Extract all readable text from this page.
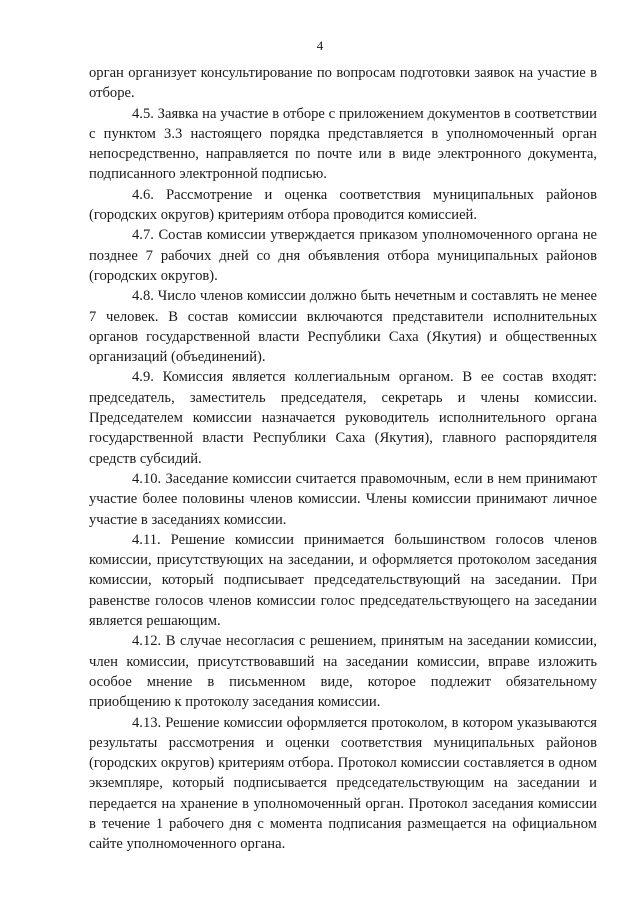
4

орган организует консультирование по вопросам подготовки заявок на участие в отборе.

4.5. Заявка на участие в отборе с приложением документов в соответствии с пунктом 3.3 настоящего порядка представляется в уполномоченный орган непосредственно, направляется по почте или в виде электронного документа, подписанного электронной подписью.

4.6. Рассмотрение и оценка соответствия муниципальных районов (городских округов) критериям отбора проводится комиссией.

4.7. Состав комиссии утверждается приказом уполномоченного органа не позднее 7 рабочих дней со дня объявления отбора муниципальных районов (городских округов).

4.8. Число членов комиссии должно быть нечетным и составлять не менее 7 человек. В состав комиссии включаются представители исполнительных органов государственной власти Республики Саха (Якутия) и общественных организаций (объединений).

4.9. Комиссия является коллегиальным органом. В ее состав входят: председатель, заместитель председателя, секретарь и члены комиссии. Председателем комиссии назначается руководитель исполнительного органа государственной власти Республики Саха (Якутия), главного распорядителя средств субсидий.

4.10. Заседание комиссии считается правомочным, если в нем принимают участие более половины членов комиссии. Члены комиссии принимают личное участие в заседаниях комиссии.

4.11. Решение комиссии принимается большинством голосов членов комиссии, присутствующих на заседании, и оформляется протоколом заседания комиссии, который подписывает председательствующий на заседании. При равенстве голосов членов комиссии голос председательствующего на заседании является решающим.

4.12. В случае несогласия с решением, принятым на заседании комиссии, член комиссии, присутствовавший на заседании комиссии, вправе изложить особое мнение в письменном виде, которое подлежит обязательному приобщению к протоколу заседания комиссии.

4.13. Решение комиссии оформляется протоколом, в котором указываются результаты рассмотрения и оценки соответствия муниципальных районов (городских округов) критериям отбора. Протокол комиссии составляется в одном экземпляре, который подписывается председательствующим на заседании и передается на хранение в уполномоченный орган. Протокол заседания комиссии в течение 1 рабочего дня с момента подписания размещается на официальном сайте уполномоченного органа.
